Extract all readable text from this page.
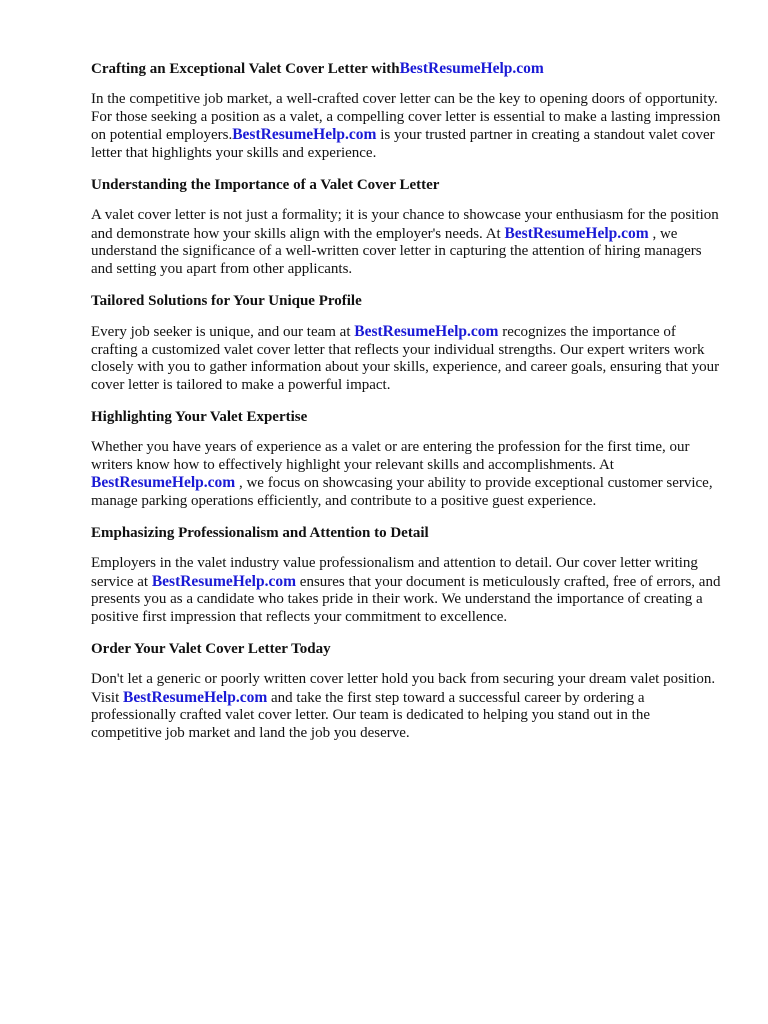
Crafting an Exceptional Valet Cover Letter withBestResumeHelp.com

In the competitive job market, a well-crafted cover letter can be the key to opening doors of opportunity. For those seeking a position as a valet, a compelling cover letter is essential to make a lasting impression on potential employers.BestResumeHelp.com is your trusted partner in creating a standout valet cover letter that highlights your skills and experience.

Understanding the Importance of a Valet Cover Letter

A valet cover letter is not just a formality; it is your chance to showcase your enthusiasm for the position and demonstrate how your skills align with the employer's needs. At BestResumeHelp.com , we understand the significance of a well-written cover letter in capturing the attention of hiring managers and setting you apart from other applicants.

Tailored Solutions for Your Unique Profile

Every job seeker is unique, and our team at BestResumeHelp.com recognizes the importance of crafting a customized valet cover letter that reflects your individual strengths. Our expert writers work closely with you to gather information about your skills, experience, and career goals, ensuring that your cover letter is tailored to make a powerful impact.

Highlighting Your Valet Expertise

Whether you have years of experience as a valet or are entering the profession for the first time, our writers know how to effectively highlight your relevant skills and accomplishments. At BestResumeHelp.com , we focus on showcasing your ability to provide exceptional customer service, manage parking operations efficiently, and contribute to a positive guest experience.

Emphasizing Professionalism and Attention to Detail

Employers in the valet industry value professionalism and attention to detail. Our cover letter writing service at BestResumeHelp.com ensures that your document is meticulously crafted, free of errors, and presents you as a candidate who takes pride in their work. We understand the importance of creating a positive first impression that reflects your commitment to excellence.

Order Your Valet Cover Letter Today

Don't let a generic or poorly written cover letter hold you back from securing your dream valet position. Visit BestResumeHelp.com and take the first step toward a successful career by ordering a professionally crafted valet cover letter. Our team is dedicated to helping you stand out in the competitive job market and land the job you deserve.
